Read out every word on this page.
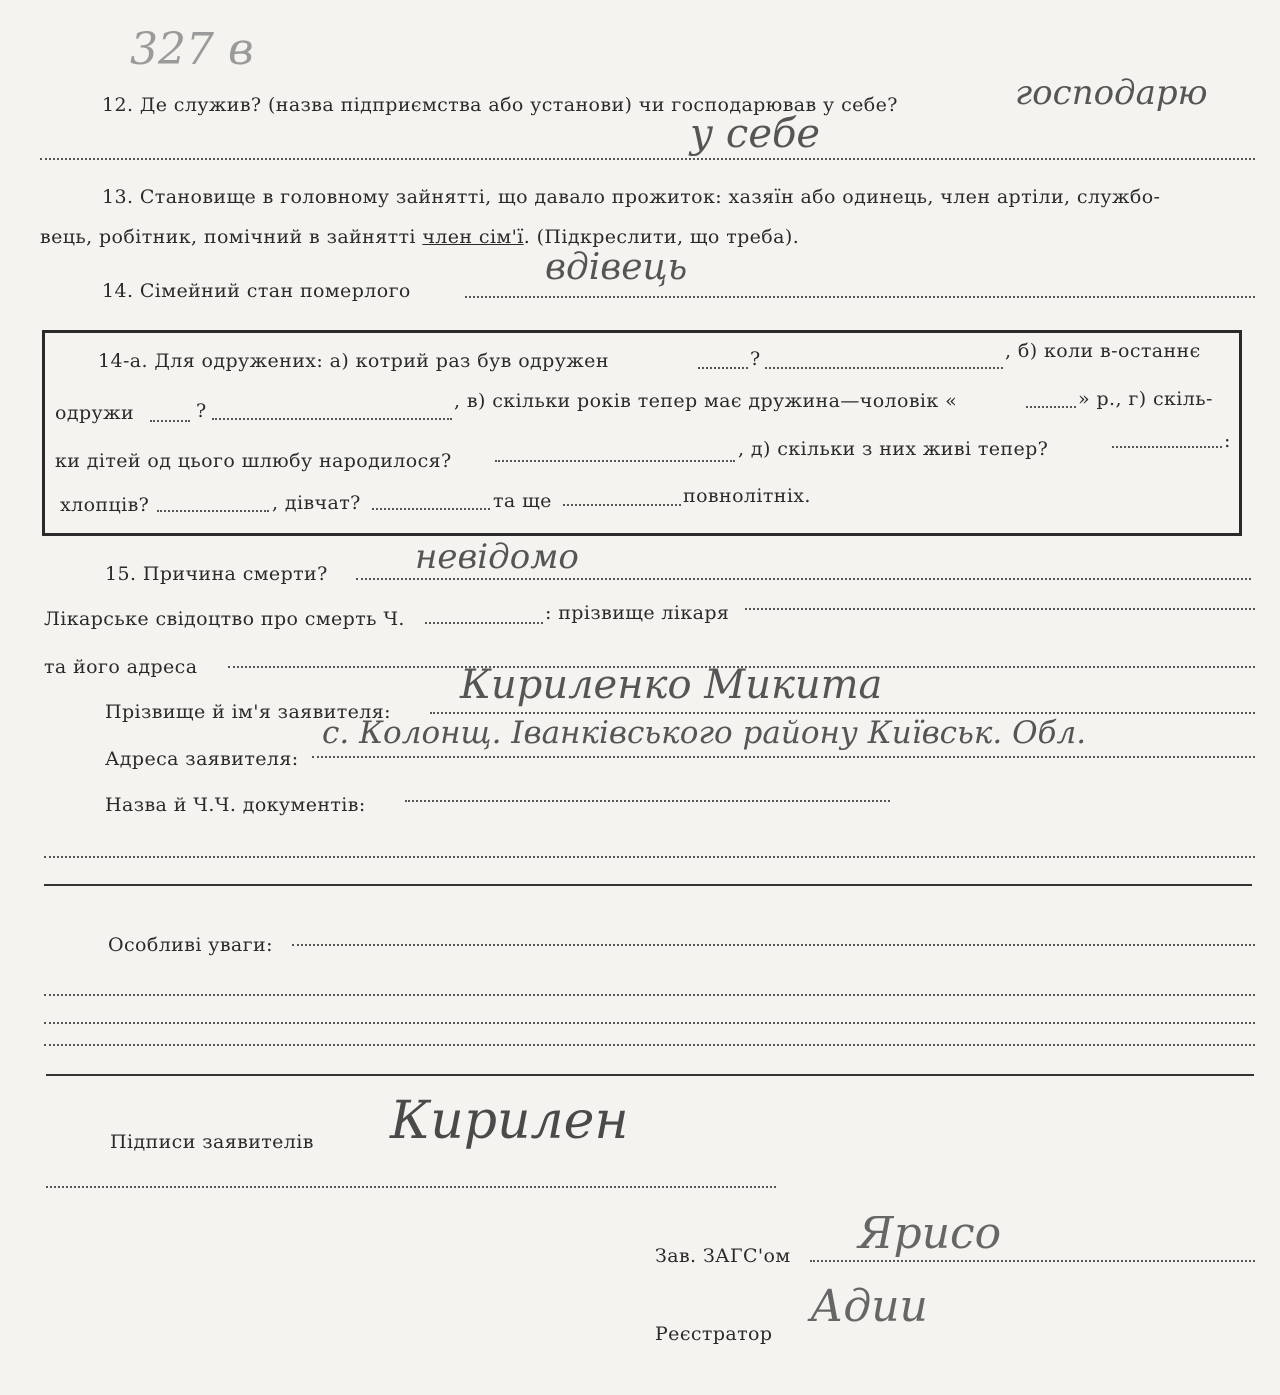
327 в
12. Де служив? (назва підприємства або установи) чи господарював у себе?	господарю
у себе
13. Становище в головному зайнятті, що давало прожиток: хазяїн або одинець, член артіли, службо-
вець, робітник, помічний в зайнятті член сім'ї. (Підкреслити, що треба).
14. Сімейний стан померлого
вдівець
14-а. Для одружених: а) котрий раз був одружен	?	, б) коли в-останнє
одружи	?	, в) скільки років тепер має дружина—чоловік «	» р., г) скіль-
ки дітей од цього шлюбу народилося?
, д) скільки з них живі тепер?	:
хлопців?	, дівчат?	та ще	повнолітніх.
15. Причина смерти?	невідомо
Лікарське свідоцтво про смерть Ч.	: прізвище лікаря
та його адреса
Прізвище й ім'я заявителя:
Кириленко Микита
Адреса заявителя:
с. Колонщ. Іванківського району Київськ. Обл.
Назва й Ч.Ч. документів:
Особливі уваги:
Підписи заявителів Кирилен
Зав. ЗАГС'ом Ярисо
Реєстратор
Адии
